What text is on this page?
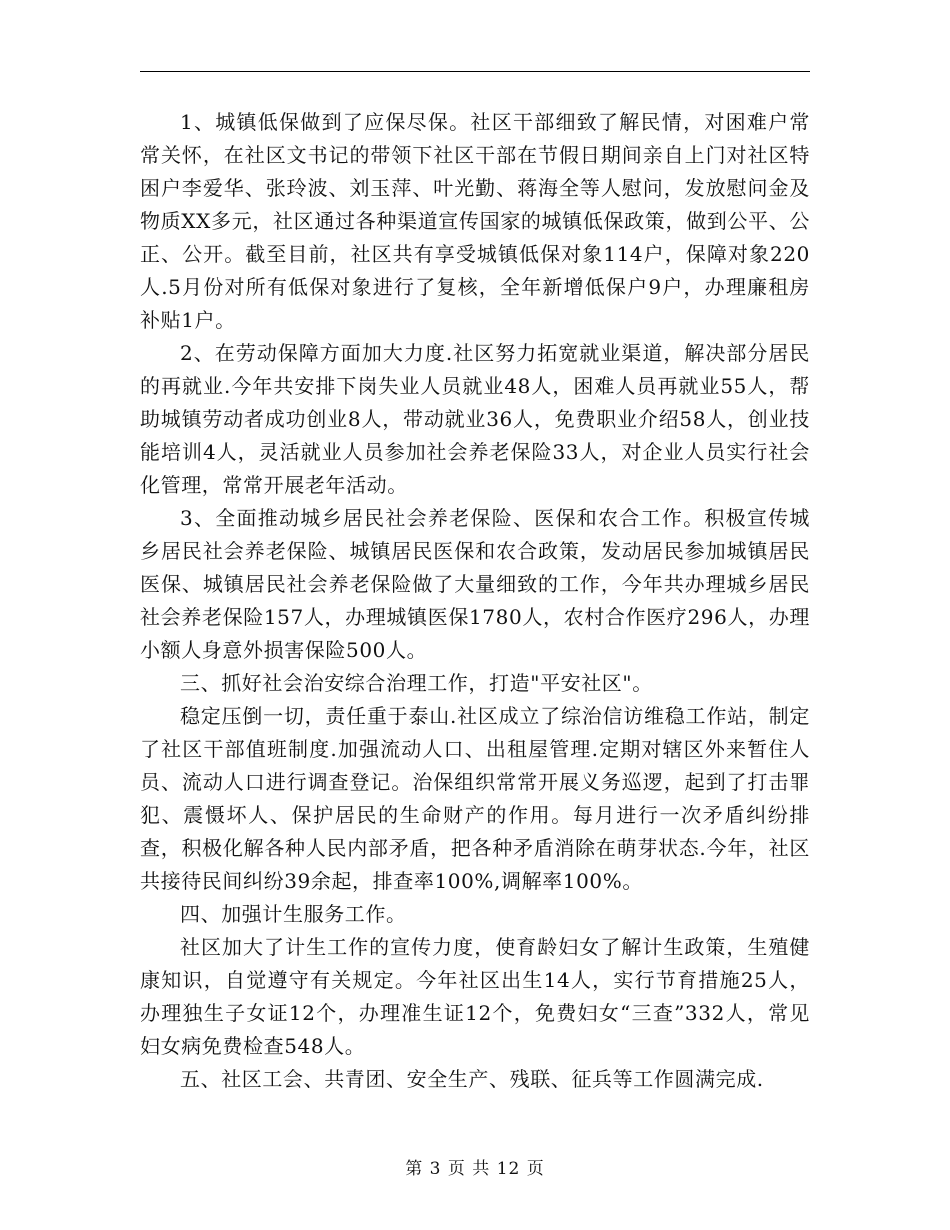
1、城镇低保做到了应保尽保。社区干部细致了解民情，对困难户常常关怀，在社区文书记的带领下社区干部在节假日期间亲自上门对社区特困户李爱华、张玲波、刘玉萍、叶光勤、蒋海全等人慰问，发放慰问金及物质XX多元，社区通过各种渠道宣传国家的城镇低保政策，做到公平、公正、公开。截至目前，社区共有享受城镇低保对象114户，保障对象220人.5月份对所有低保对象进行了复核，全年新增低保户9户，办理廉租房补贴1户。

2、在劳动保障方面加大力度.社区努力拓宽就业渠道，解决部分居民的再就业.今年共安排下岗失业人员就业48人，困难人员再就业55人，帮助城镇劳动者成功创业8人，带动就业36人，免费职业介绍58人，创业技能培训4人，灵活就业人员参加社会养老保险33人，对企业人员实行社会化管理，常常开展老年活动。

3、全面推动城乡居民社会养老保险、医保和农合工作。积极宣传城乡居民社会养老保险、城镇居民医保和农合政策，发动居民参加城镇居民医保、城镇居民社会养老保险做了大量细致的工作，今年共办理城乡居民社会养老保险157人，办理城镇医保1780人，农村合作医疗296人，办理小额人身意外损害保险500人。

三、抓好社会治安综合治理工作，打造"平安社区"。

稳定压倒一切，责任重于泰山.社区成立了综治信访维稳工作站，制定了社区干部值班制度.加强流动人口、出租屋管理.定期对辖区外来暂住人员、流动人口进行调查登记。治保组织常常开展义务巡逻，起到了打击罪犯、震慑坏人、保护居民的生命财产的作用。每月进行一次矛盾纠纷排查，积极化解各种人民内部矛盾，把各种矛盾消除在萌芽状态.今年，社区共接待民间纠纷39余起，排查率100%,调解率100%。

四、加强计生服务工作。

社区加大了计生工作的宣传力度，使育龄妇女了解计生政策，生殖健康知识，自觉遵守有关规定。今年社区出生14人，实行节育措施25人，办理独生子女证12个，办理准生证12个，免费妇女“三查”332人，常见妇女病免费检查548人。

五、社区工会、共青团、安全生产、残联、征兵等工作圆满完成.

第 3 页 共 12 页
